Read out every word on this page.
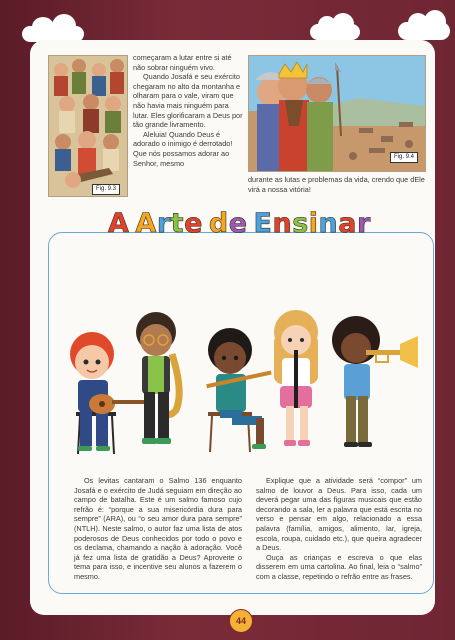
Fig. 9.3
Fig. 9.4

começaram a lutar entre si até não sobrar ninguém vivo.

Quando Josafá e seu exército chegaram no alto da montanha e olharam para o vale, viram que não havia mais ninguém para lutar. Eles glorificaram a Deus por tão grande livramento.

Aleluia! Quando Deus é adorado o inimigo é derrotado! Que nós possamos adorar ao Senhor, mesmo

durante as lutas e problemas da vida, crendo que dEle virá a nossa vitória!
A Arte de Ensinar

Os levitas cantaram o Salmo 136 enquanto Josafá e o exército de Judá seguiam em direção ao campo de batalha. Este é um salmo famoso cujo refrão é: “porque a sua misericórdia dura para sempre” (ARA), ou “o seu amor dura para sempre” (NTLH). Neste salmo, o autor faz uma lista de atos poderosos de Deus conhecidos por todo o povo e os declama, chamando a nação à adoração. Você já fez uma lista de gratidão a Deus? Aproveite o tema para isso, e incentive seu alunos a fazerem o mesmo.

Explique que a atividade será “compor” um salmo de louvor a Deus. Para isso, cada um deverá pegar uma das figuras musicais que estão decorando a sala, ler a palavra que está escrita no verso e pensar em algo, relacionado a essa palavra (família, amigos, alimento, lar, igreja, escola, roupa, cuidado etc.), que queira agradecer a Deus.

Ouça as crianças e escreva o que elas disserem em uma cartolina. Ao final, leia o “salmo” com a classe, repetindo o refrão entre as frases.

44
